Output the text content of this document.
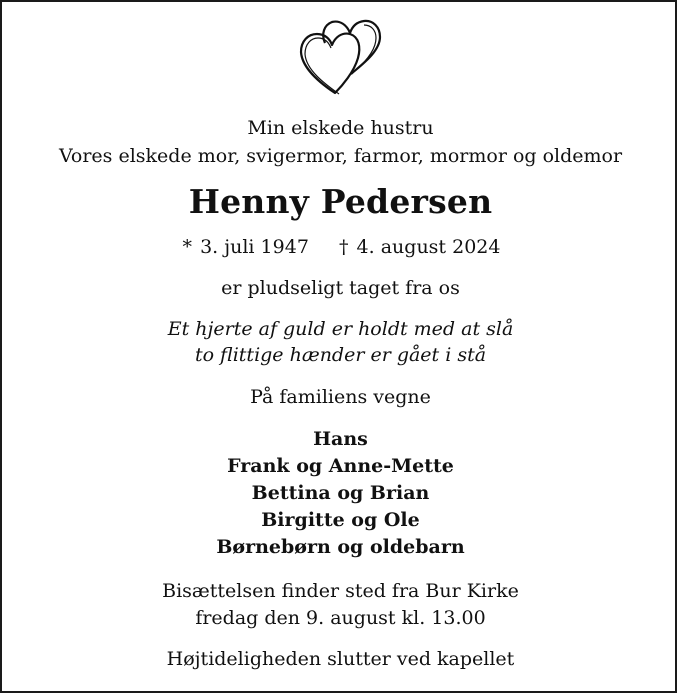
Min elskede hustru
Vores elskede mor, svigermor, farmor, mormor og oldemor
Henny Pedersen
* 3. juli 1947 † 4. august 2024
er pludseligt taget fra os
Et hjerte af guld er holdt med at slå
to flittige hænder er gået i stå
På familiens vegne
Hans
Frank og Anne-Mette
Bettina og Brian
Birgitte og Ole
Børnebørn og oldebarn
Bisættelsen finder sted fra Bur Kirke
fredag den 9. august kl. 13.00
Højtideligheden slutter ved kapellet
